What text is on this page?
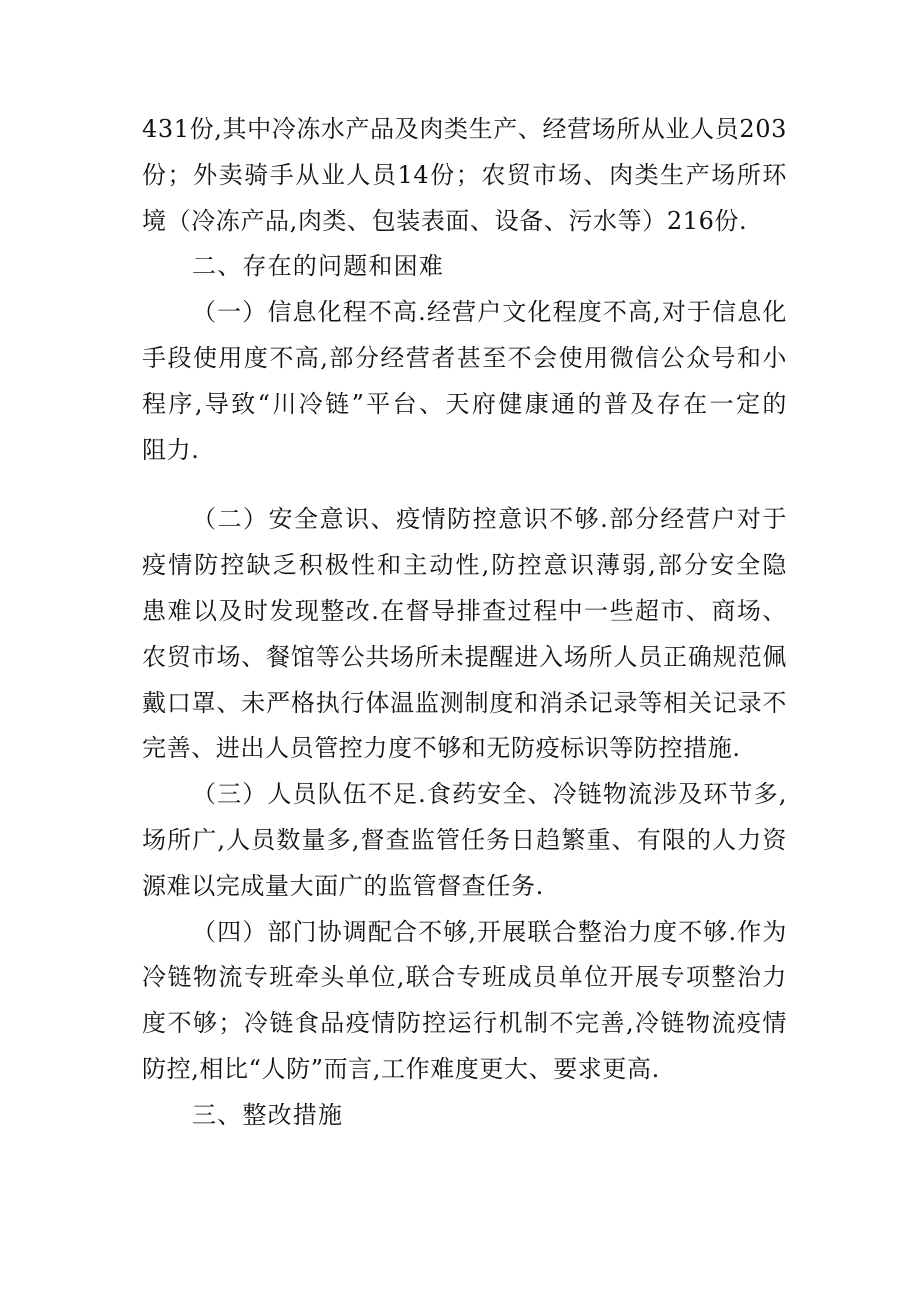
431份,其中冷冻水产品及肉类生产、经营场所从业人员203
份；外卖骑手从业人员14份；农贸市场、肉类生产场所环
境（冷冻产品,肉类、包装表面、设备、污水等）216份.
二、存在的问题和困难
（一）信息化程不高.经营户文化程度不高,对于信息化
手段使用度不高,部分经营者甚至不会使用微信公众号和小
程序,导致“川冷链”平台、天府健康通的普及存在一定的
阻力.
（二）安全意识、疫情防控意识不够.部分经营户对于
疫情防控缺乏积极性和主动性,防控意识薄弱,部分安全隐
患难以及时发现整改.在督导排查过程中一些超市、商场、
农贸市场、餐馆等公共场所未提醒进入场所人员正确规范佩
戴口罩、未严格执行体温监测制度和消杀记录等相关记录不
完善、进出人员管控力度不够和无防疫标识等防控措施.
（三）人员队伍不足.食药安全、冷链物流涉及环节多,
场所广,人员数量多,督查监管任务日趋繁重、有限的人力资
源难以完成量大面广的监管督查任务.
（四）部门协调配合不够,开展联合整治力度不够.作为
冷链物流专班牵头单位,联合专班成员单位开展专项整治力
度不够；冷链食品疫情防控运行机制不完善,冷链物流疫情
防控,相比“人防”而言,工作难度更大、要求更高.
三、整改措施
